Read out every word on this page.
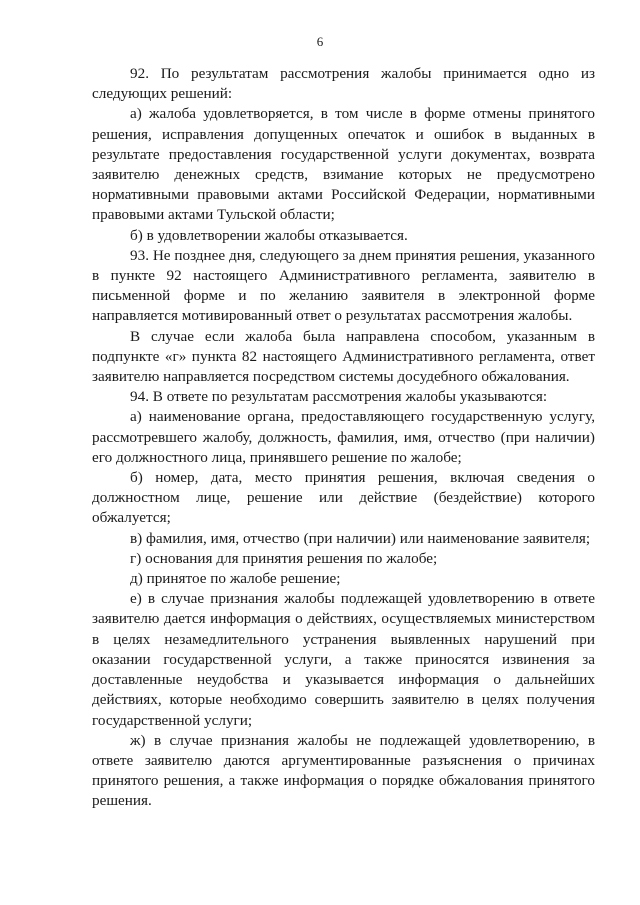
6

92. По результатам рассмотрения жалобы принимается одно из следующих решений:

а) жалоба удовлетворяется, в том числе в форме отмены принятого решения, исправления допущенных опечаток и ошибок в выданных в результате предоставления государственной услуги документах, возврата заявителю денежных средств, взимание которых не предусмотрено нормативными правовыми актами Российской Федерации, нормативными правовыми актами Тульской области;

б) в удовлетворении жалобы отказывается.

93. Не позднее дня, следующего за днем принятия решения, указанного в пункте 92 настоящего Административного регламента, заявителю в письменной форме и по желанию заявителя в электронной форме направляется мотивированный ответ о результатах рассмотрения жалобы.

В случае если жалоба была направлена способом, указанным в подпункте «г» пункта 82 настоящего Административного регламента, ответ заявителю направляется посредством системы досудебного обжалования.

94. В ответе по результатам рассмотрения жалобы указываются:

а) наименование органа, предоставляющего государственную услугу, рассмотревшего жалобу, должность, фамилия, имя, отчество (при наличии) его должностного лица, принявшего решение по жалобе;

б) номер, дата, место принятия решения, включая сведения о должностном лице, решение или действие (бездействие) которого обжалуется;

в) фамилия, имя, отчество (при наличии) или наименование заявителя;

г) основания для принятия решения по жалобе;

д) принятое по жалобе решение;

е) в случае признания жалобы подлежащей удовлетворению в ответе заявителю дается информация о действиях, осуществляемых министерством в целях незамедлительного устранения выявленных нарушений при оказании государственной услуги, а также приносятся извинения за доставленные неудобства и указывается информация о дальнейших действиях, которые необходимо совершить заявителю в целях получения государственной услуги;

ж) в случае признания жалобы не подлежащей удовлетворению, в ответе заявителю даются аргументированные разъяснения о причинах принятого решения, а также информация о порядке обжалования принятого решения.
